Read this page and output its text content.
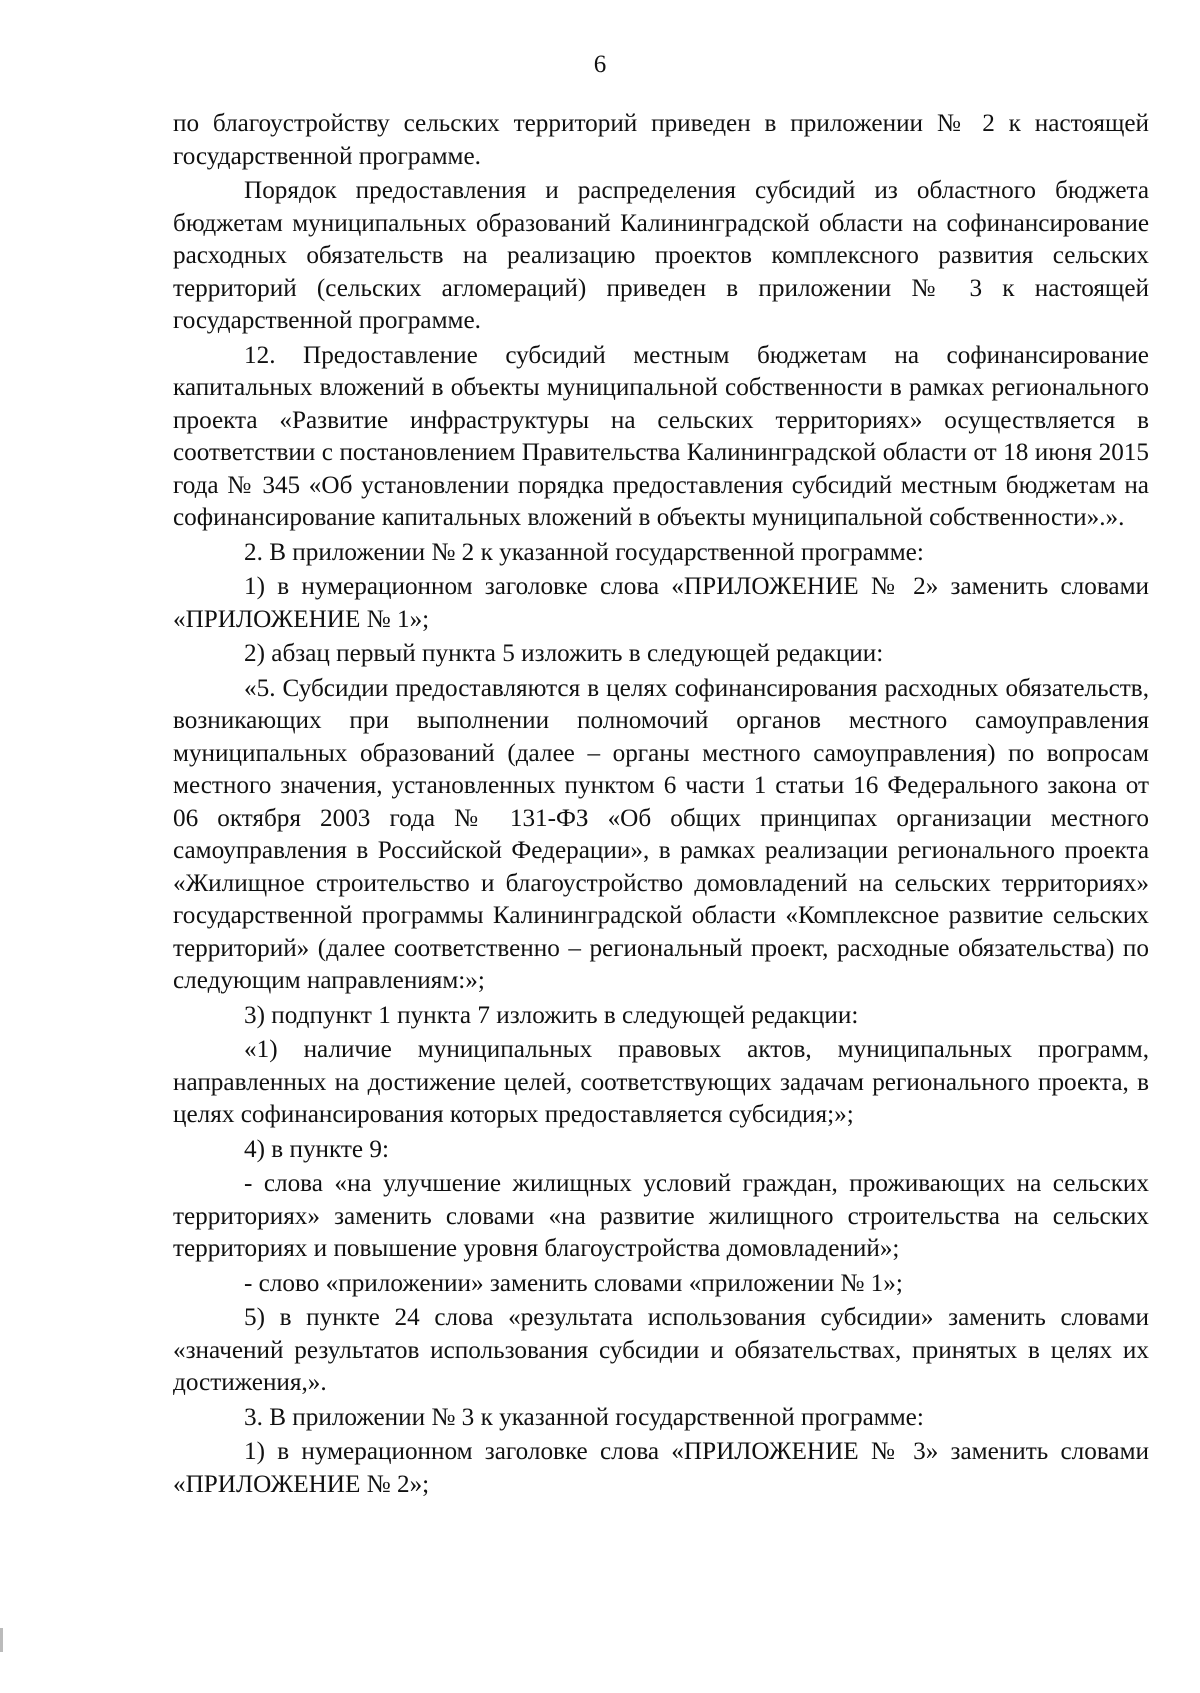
6

по благоустройству сельских территорий приведен в приложении № 2 к настоящей государственной программе.

Порядок предоставления и распределения субсидий из областного бюджета бюджетам муниципальных образований Калининградской области на софинансирование расходных обязательств на реализацию проектов комплексного развития сельских территорий (сельских агломераций) приведен в приложении № 3 к настоящей государственной программе.

12. Предоставление субсидий местным бюджетам на софинансирование капитальных вложений в объекты муниципальной собственности в рамках регионального проекта «Развитие инфраструктуры на сельских территориях» осуществляется в соответствии с постановлением Правительства Калининградской области от 18 июня 2015 года № 345 «Об установлении порядка предоставления субсидий местным бюджетам на софинансирование капитальных вложений в объекты муниципальной собственности».».

2. В приложении № 2 к указанной государственной программе:

1) в нумерационном заголовке слова «ПРИЛОЖЕНИЕ № 2» заменить словами «ПРИЛОЖЕНИЕ № 1»;

2) абзац первый пункта 5 изложить в следующей редакции:

«5. Субсидии предоставляются в целях софинансирования расходных обязательств, возникающих при выполнении полномочий органов местного самоуправления муниципальных образований (далее – органы местного самоуправления) по вопросам местного значения, установленных пунктом 6 части 1 статьи 16 Федерального закона от 06 октября 2003 года № 131-ФЗ «Об общих принципах организации местного самоуправления в Российской Федерации», в рамках реализации регионального проекта «Жилищное строительство и благоустройство домовладений на сельских территориях» государственной программы Калининградской области «Комплексное развитие сельских территорий» (далее соответственно – региональный проект, расходные обязательства) по следующим направлениям:»;

3) подпункт 1 пункта 7 изложить в следующей редакции:

«1) наличие муниципальных правовых актов, муниципальных программ, направленных на достижение целей, соответствующих задачам регионального проекта, в целях софинансирования которых предоставляется субсидия;»;

4) в пункте 9:

- слова «на улучшение жилищных условий граждан, проживающих на сельских территориях» заменить словами «на развитие жилищного строительства на сельских территориях и повышение уровня благоустройства домовладений»;

- слово «приложении» заменить словами «приложении № 1»;

5) в пункте 24 слова «результата использования субсидии» заменить словами «значений результатов использования субсидии и обязательствах, принятых в целях их достижения,».

3. В приложении № 3 к указанной государственной программе:

1) в нумерационном заголовке слова «ПРИЛОЖЕНИЕ № 3» заменить словами «ПРИЛОЖЕНИЕ № 2»;
